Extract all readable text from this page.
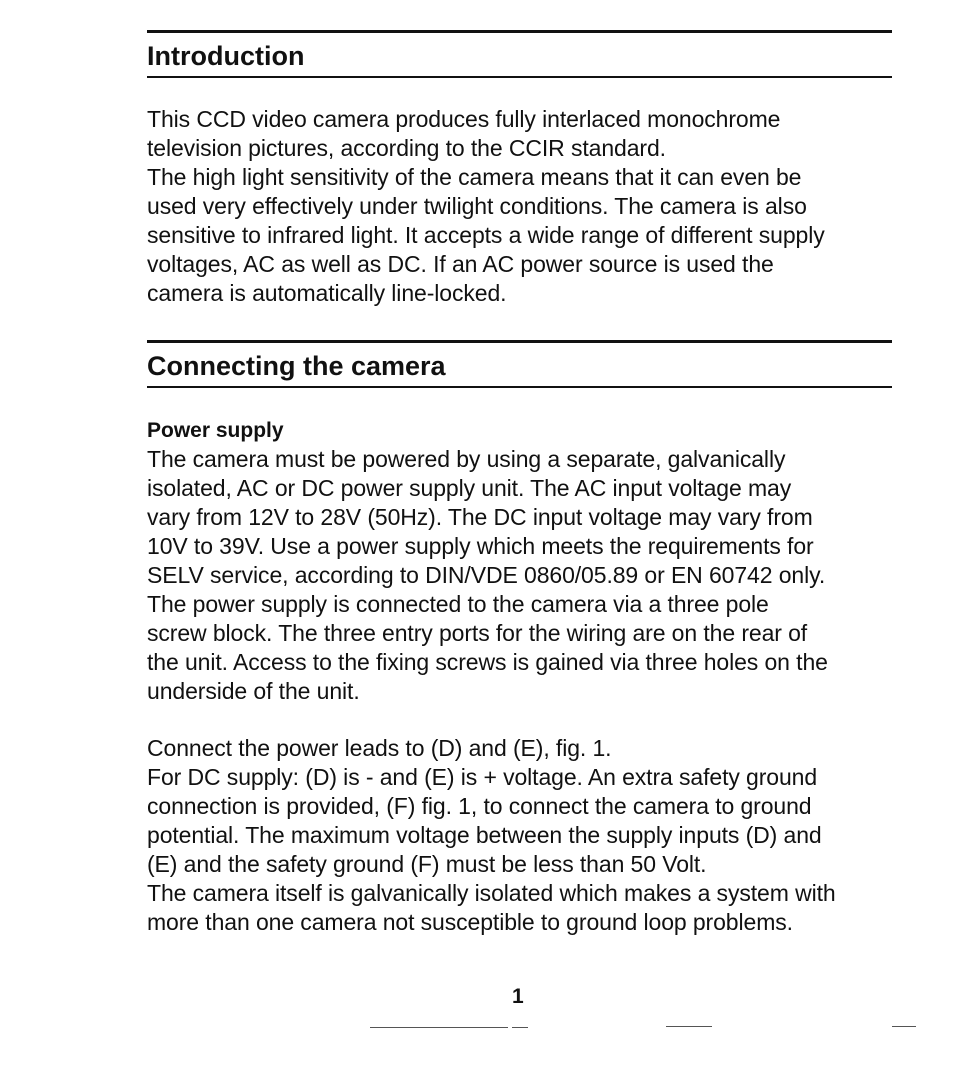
Introduction
This CCD video camera produces fully interlaced monochrome
television pictures, according to the CCIR standard.
The high light sensitivity of the camera means that it can even be
used very effectively under twilight conditions. The camera is also
sensitive to infrared light. It accepts a wide range of different supply
voltages, AC as well as DC. If an AC power source is used the
camera is automatically line-locked.
Connecting the camera
Power supply
The camera must be powered by using a separate, galvanically
isolated, AC or DC power supply unit. The AC input voltage may
vary from 12V to 28V (50Hz). The DC input voltage may vary from
10V to 39V. Use a power supply which meets the requirements for
SELV service, according to DIN/VDE 0860/05.89 or EN 60742 only.
The power supply is connected to the camera via a three pole
screw block. The three entry ports for the wiring are on the rear of
the unit. Access to the fixing screws is gained via three holes on the
underside of the unit.
Connect the power leads to (D) and (E), fig. 1.
For DC supply: (D) is - and (E) is + voltage. An extra safety ground
connection is provided, (F) fig. 1, to connect the camera to ground
potential. The maximum voltage between the supply inputs (D) and
(E) and the safety ground (F) must be less than 50 Volt.
The camera itself is galvanically isolated which makes a system with
more than one camera not susceptible to ground loop problems.
1
